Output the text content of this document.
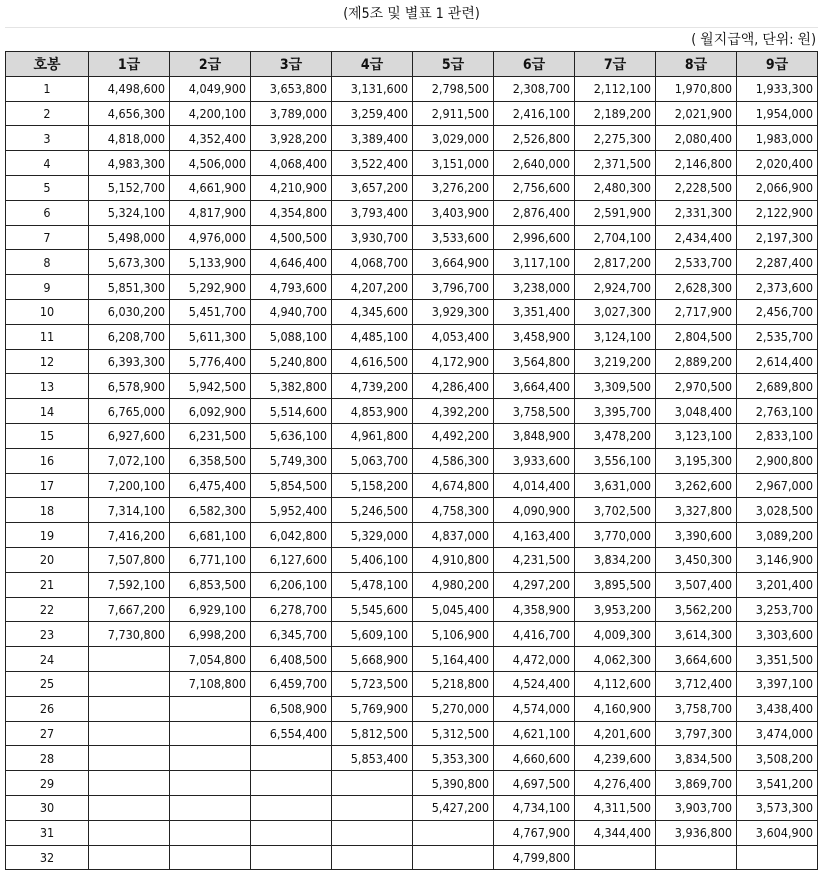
(제5조 및 별표 1 관련)
( 월지급액, 단위: 원)
호봉	1급	2급	3급	4급	5급	6급	7급	8급	9급
1	4,498,600	4,049,900	3,653,800	3,131,600	2,798,500	2,308,700	2,112,100	1,970,800	1,933,300
2	4,656,300	4,200,100	3,789,000	3,259,400	2,911,500	2,416,100	2,189,200	2,021,900	1,954,000
3	4,818,000	4,352,400	3,928,200	3,389,400	3,029,000	2,526,800	2,275,300	2,080,400	1,983,000
4	4,983,300	4,506,000	4,068,400	3,522,400	3,151,000	2,640,000	2,371,500	2,146,800	2,020,400
5	5,152,700	4,661,900	4,210,900	3,657,200	3,276,200	2,756,600	2,480,300	2,228,500	2,066,900
6	5,324,100	4,817,900	4,354,800	3,793,400	3,403,900	2,876,400	2,591,900	2,331,300	2,122,900
7	5,498,000	4,976,000	4,500,500	3,930,700	3,533,600	2,996,600	2,704,100	2,434,400	2,197,300
8	5,673,300	5,133,900	4,646,400	4,068,700	3,664,900	3,117,100	2,817,200	2,533,700	2,287,400
9	5,851,300	5,292,900	4,793,600	4,207,200	3,796,700	3,238,000	2,924,700	2,628,300	2,373,600
10	6,030,200	5,451,700	4,940,700	4,345,600	3,929,300	3,351,400	3,027,300	2,717,900	2,456,700
11	6,208,700	5,611,300	5,088,100	4,485,100	4,053,400	3,458,900	3,124,100	2,804,500	2,535,700
12	6,393,300	5,776,400	5,240,800	4,616,500	4,172,900	3,564,800	3,219,200	2,889,200	2,614,400
13	6,578,900	5,942,500	5,382,800	4,739,200	4,286,400	3,664,400	3,309,500	2,970,500	2,689,800
14	6,765,000	6,092,900	5,514,600	4,853,900	4,392,200	3,758,500	3,395,700	3,048,400	2,763,100
15	6,927,600	6,231,500	5,636,100	4,961,800	4,492,200	3,848,900	3,478,200	3,123,100	2,833,100
16	7,072,100	6,358,500	5,749,300	5,063,700	4,586,300	3,933,600	3,556,100	3,195,300	2,900,800
17	7,200,100	6,475,400	5,854,500	5,158,200	4,674,800	4,014,400	3,631,000	3,262,600	2,967,000
18	7,314,100	6,582,300	5,952,400	5,246,500	4,758,300	4,090,900	3,702,500	3,327,800	3,028,500
19	7,416,200	6,681,100	6,042,800	5,329,000	4,837,000	4,163,400	3,770,000	3,390,600	3,089,200
20	7,507,800	6,771,100	6,127,600	5,406,100	4,910,800	4,231,500	3,834,200	3,450,300	3,146,900
21	7,592,100	6,853,500	6,206,100	5,478,100	4,980,200	4,297,200	3,895,500	3,507,400	3,201,400
22	7,667,200	6,929,100	6,278,700	5,545,600	5,045,400	4,358,900	3,953,200	3,562,200	3,253,700
23	7,730,800	6,998,200	6,345,700	5,609,100	5,106,900	4,416,700	4,009,300	3,614,300	3,303,600
24		7,054,800	6,408,500	5,668,900	5,164,400	4,472,000	4,062,300	3,664,600	3,351,500
25		7,108,800	6,459,700	5,723,500	5,218,800	4,524,400	4,112,600	3,712,400	3,397,100
26			6,508,900	5,769,900	5,270,000	4,574,000	4,160,900	3,758,700	3,438,400
27			6,554,400	5,812,500	5,312,500	4,621,100	4,201,600	3,797,300	3,474,000
28				5,853,400	5,353,300	4,660,600	4,239,600	3,834,500	3,508,200
29					5,390,800	4,697,500	4,276,400	3,869,700	3,541,200
30					5,427,200	4,734,100	4,311,500	3,903,700	3,573,300
31						4,767,900	4,344,400	3,936,800	3,604,900
32						4,799,800			
